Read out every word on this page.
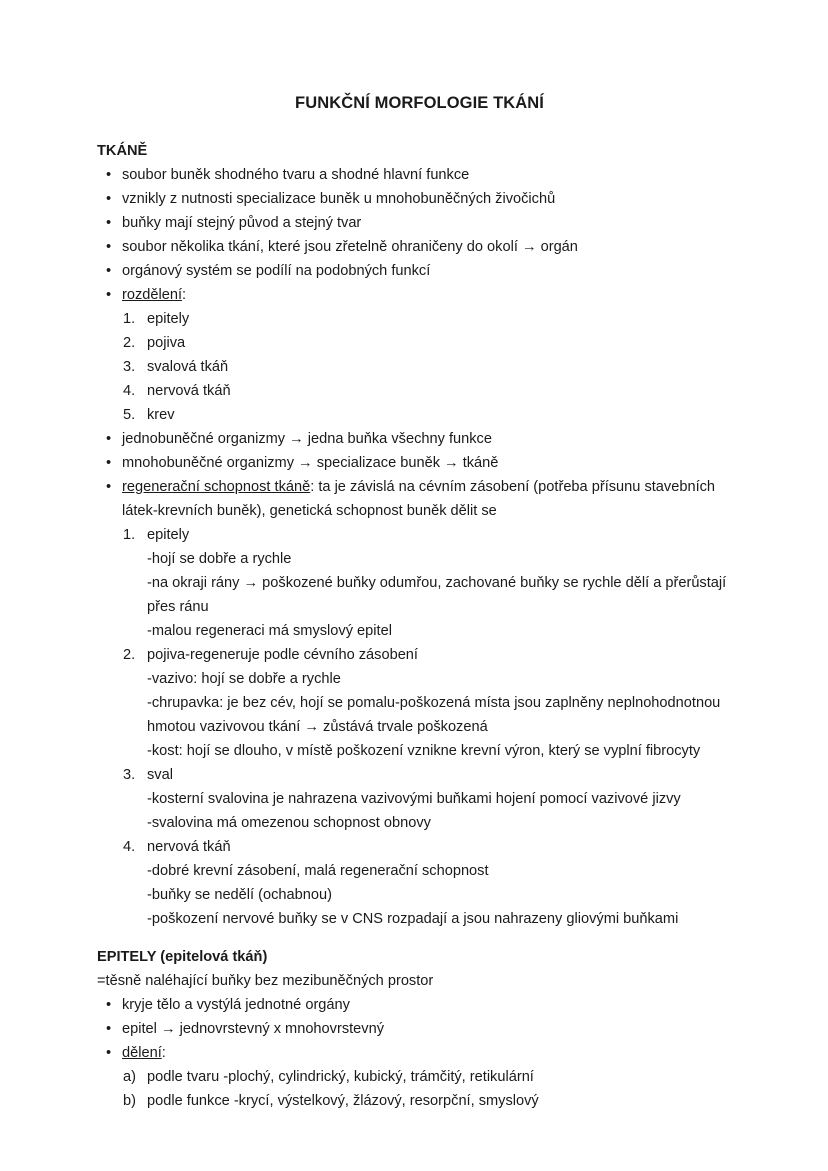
FUNKČNÍ MORFOLOGIE TKÁNÍ
TKÁNĚ
• soubor buněk shodného tvaru a shodné hlavní funkce
• vznikly z nutnosti specializace buněk u mnohobuněčných živočichů
• buňky mají stejný původ a stejný tvar
• soubor několika tkání, které jsou zřetelně ohraničeny do okolí → orgán
• orgánový systém se podílí na podobných funkcí
• rozdělení:
1. epitely
2. pojiva
3. svalová tkáň
4. nervová tkáň
5. krev
• jednobuněčné organizmy → jedna buňka všechny funkce
• mnohobuněčné organizmy → specializace buněk → tkáně
• regenerační schopnost tkáně: ta je závislá na cévním zásobení (potřeba přísunu stavebních látek-krevních buněk), genetická schopnost buněk dělit se
1. epitely
-hojí se dobře a rychle
-na okraji rány → poškozené buňky odumřou, zachované buňky se rychle dělí a přerůstají přes ránu
-malou regeneraci má smyslový epitel
2. pojiva-regeneruje podle cévního zásobení
-vazivo: hojí se dobře a rychle
-chrupavka: je bez cév, hojí se pomalu-poškozená místa jsou zaplněny neplnohodnotnou hmotou vazivovou tkání → zůstává trvale poškozená
-kost: hojí se dlouho, v místě poškození vznikne krevní výron, který se vyplní fibrocyty
3. sval
-kosterní svalovina je nahrazena vazivovými buňkami hojení pomocí vazivové jizvy
-svalovina má omezenou schopnost obnovy
4. nervová tkáň
-dobré krevní zásobení, malá regenerační schopnost
-buňky se nedělí (ochabnou)
-poškození nervové buňky se v CNS rozpadají a jsou nahrazeny gliovými buňkami
EPITELY (epitelová tkáň)

=těsně naléhající buňky bez mezibuněčných prostor

• kryje tělo a vystýlá jednotné orgány
• epitel → jednovrstevný x mnohovrstevný
• dělení:
a) podle tvaru -plochý, cylindrický, kubický, trámčitý, retikulární
b) podle funkce -krycí, výstelkový, žlázový, resorpční, smyslový
